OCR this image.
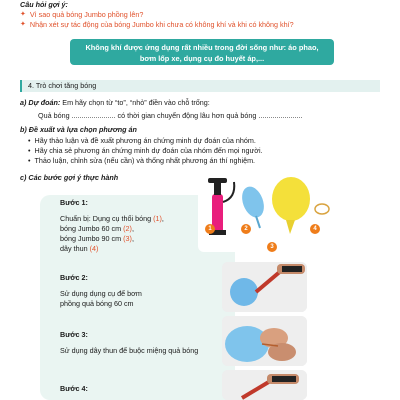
Câu hỏi gợi ý:
✦ Vì sao quả bóng Jumbo phồng lên?
✦ Nhận xét sự tác động của bóng Jumbo khi chưa có không khí và khi có không khí?
Không khí được ứng dụng rất nhiều trong đời sống như: áo phao,
bơm lốp xe, dụng cụ đo huyết áp,...
4. Trò chơi tăng bóng
a) Dự đoán: Em hãy chọn từ “to”, “nhỏ” điền vào chỗ trống:
Quả bóng ...................... có thời gian chuyển động lâu hơn quả bóng ......................
b) Đề xuất và lựa chọn phương án
• Hãy thảo luận và đề xuất phương án chứng minh dự đoán của nhóm.
• Hãy chia sẻ phương án chứng minh dự đoán của nhóm đến mọi người.
• Thảo luận, chỉnh sửa (nếu cần) và thống nhất phương án thí nghiệm.
c) Các bước gợi ý thực hành
Bước 1:
Chuẩn bị: Dụng cụ thổi bóng (1),
bóng Jumbo 60 cm (2),
bóng Jumbo 90 cm (3),
dây thun (4)
Bước 2:
Sử dụng dụng cụ để bơm
phồng quả bóng 60 cm
Bước 3:
Sử dụng dây thun để buộc miệng quả bóng
Bước 4:
1	2
3
4
